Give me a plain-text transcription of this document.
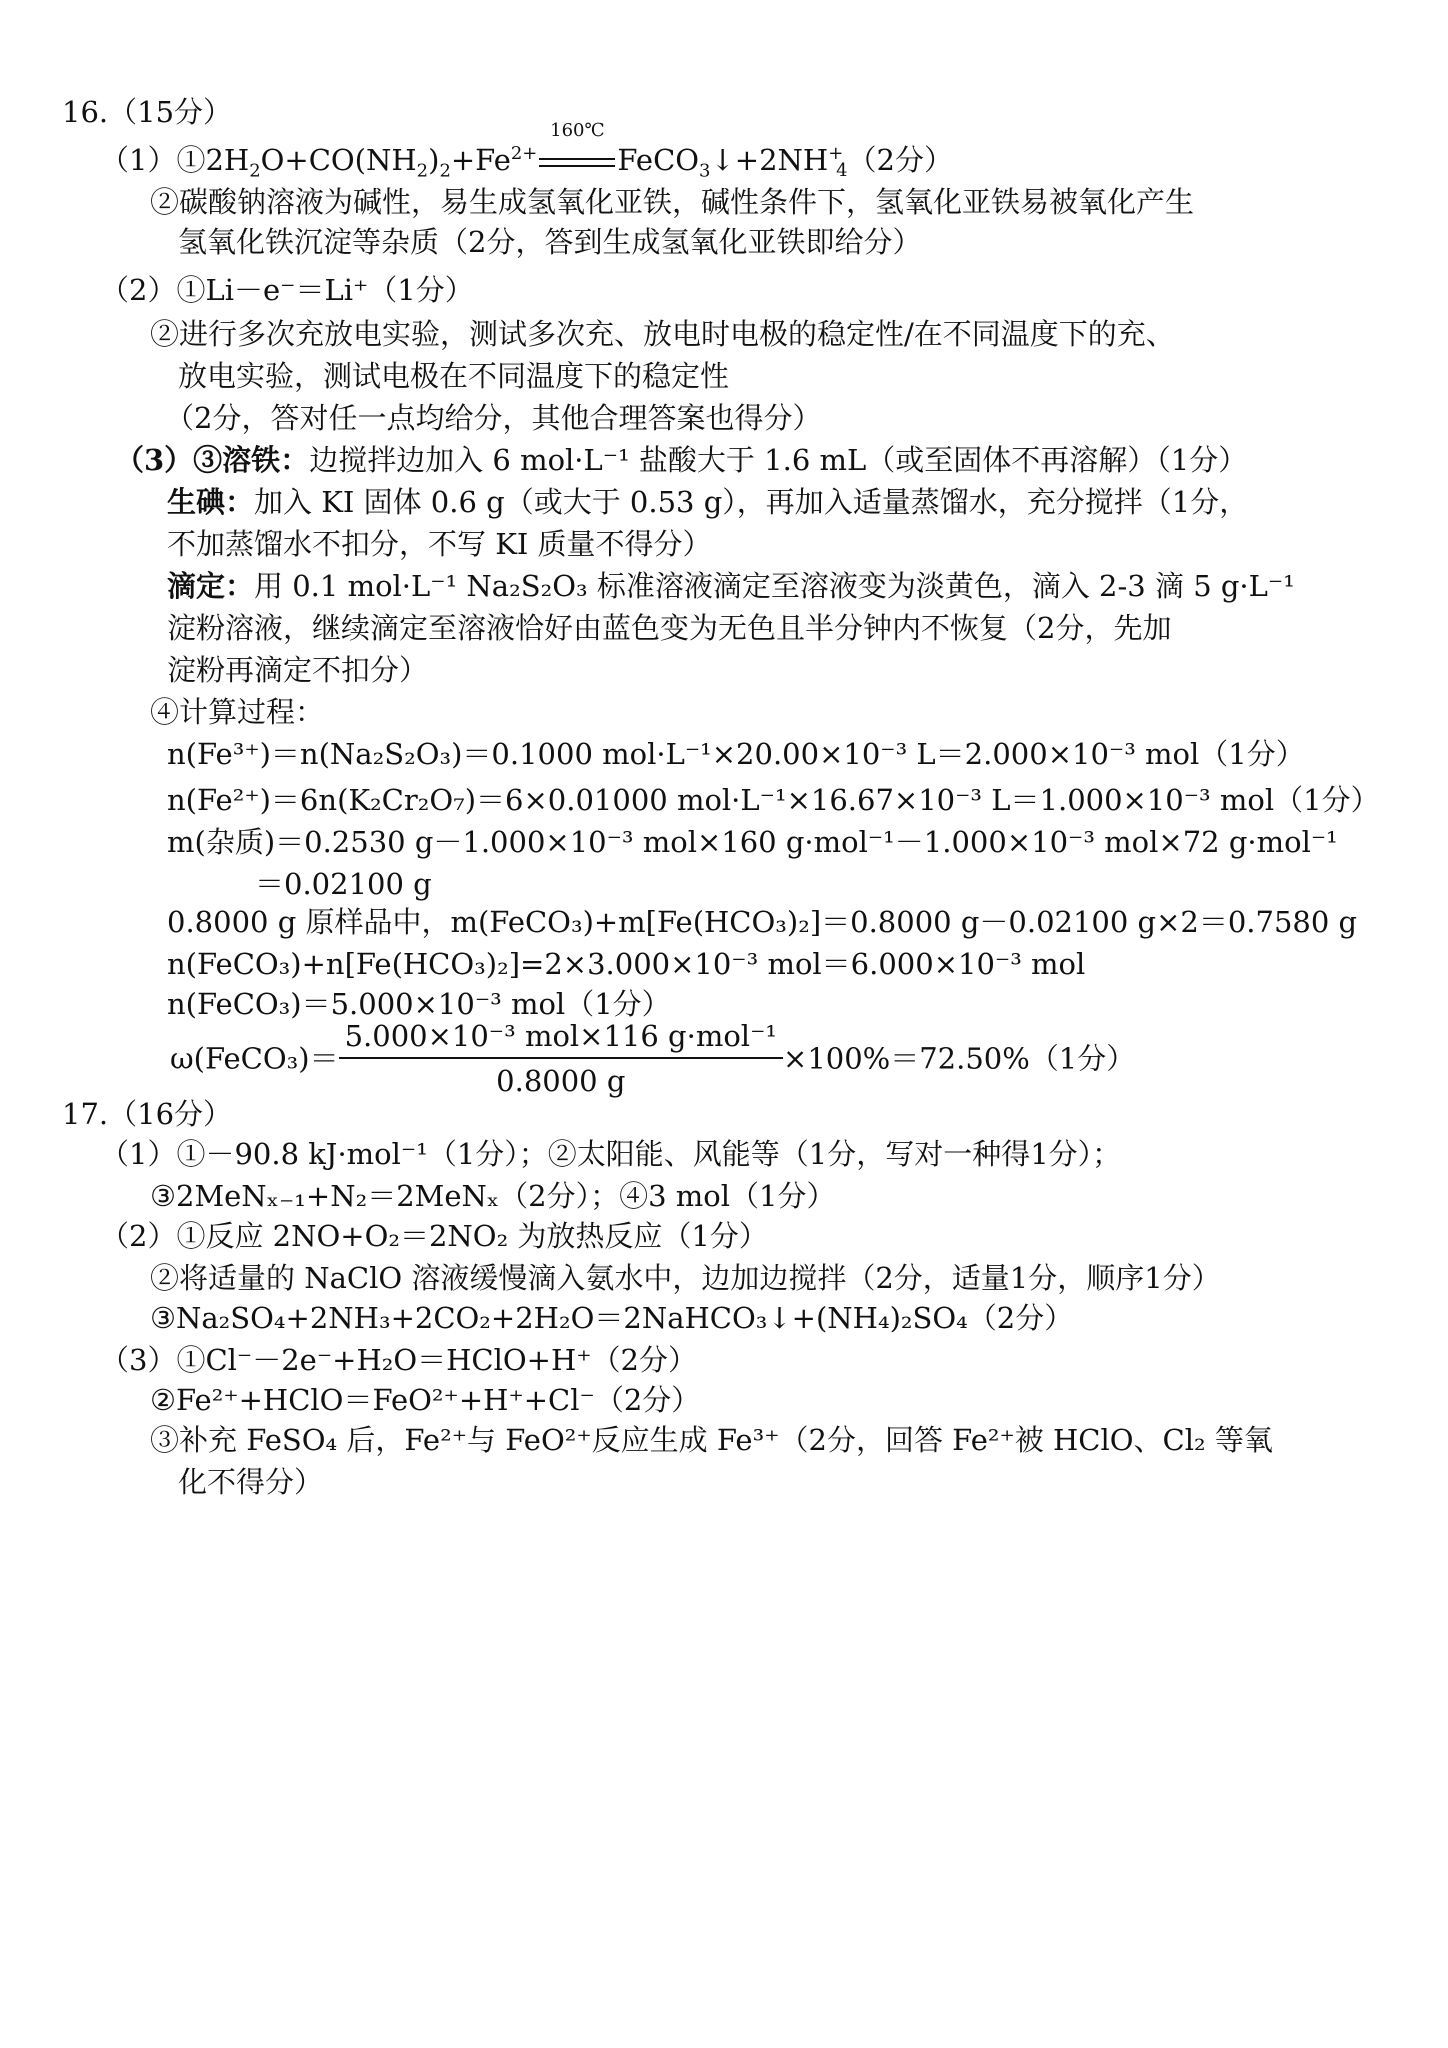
16.（15分）
$(1)①2H_2O+CO(NH_2)_2+Fe^{2+}$
160℃
$FeCO_3↓+2NH^+_4(2$分）
②碳酸钠溶液为碱性，易生成氢氧化亚铁，碱性条件下，氢氧化亚铁易被氧化产生
氢氧化铁沉淀等杂质（2分，答到生成氢氧化亚铁即给分）
（2）①Li－e⁻＝Li⁺（1分）
②进行多次充放电实验，测试多次充、放电时电极的稳定性/在不同温度下的充、
放电实验，测试电极在不同温度下的稳定性
（2分，答对任一点均给分，其他合理答案也得分）
（3）③溶铁：边搅拌边加入 6 mol·L⁻¹ 盐酸大于 1.6 mL（或至固体不再溶解）（1分）
生碘：加入 KI 固体 0.6 g（或大于 0.53 g），再加入适量蒸馏水，充分搅拌（1分，
不加蒸馏水不扣分，不写 KI 质量不得分）
滴定：用 0.1 mol·L⁻¹ Na₂S₂O₃ 标准溶液滴定至溶液变为淡黄色，滴入 2-3 滴 5 g·L⁻¹
淀粉溶液，继续滴定至溶液恰好由蓝色变为无色且半分钟内不恢复（2分，先加
淀粉再滴定不扣分）
④计算过程：
n(Fe³⁺)＝n(Na₂S₂O₃)＝0.1000 mol·L⁻¹×20.00×10⁻³ L＝2.000×10⁻³ mol（1分）
n(Fe²⁺)＝6n(K₂Cr₂O₇)＝6×0.01000 mol·L⁻¹×16.67×10⁻³ L＝1.000×10⁻³ mol（1分）
m(杂质)＝0.2530 g－1.000×10⁻³ mol×160 g·mol⁻¹－1.000×10⁻³ mol×72 g·mol⁻¹
＝0.02100 g
0.8000 g 原样品中，m(FeCO₃)+m[Fe(HCO₃)₂]＝0.8000 g－0.02100 g×2＝0.7580 g
n(FeCO₃)+n[Fe(HCO₃)₂]=2×3.000×10⁻³ mol＝6.000×10⁻³ mol
n(FeCO₃)＝5.000×10⁻³ mol（1分）
ω(FeCO₃)＝ $\frac{\text{5.000×10⁻³ mol×116 g·mol⁻¹}}{0.8000 g} \times 100\%=72.50\%(1$分）
17.（16分）
（1）①－90.8 kJ·mol⁻¹（1分）；②太阳能、风能等（1分，写对一种得1分）；
③2MeNₓ₋₁+N₂＝2MeNₓ（2分）；④3 mol（1分）
（2）①反应 2NO+O₂＝2NO₂ 为放热反应（1分）
②将适量的 NaClO 溶液缓慢滴入氨水中，边加边搅拌（2分，适量1分，顺序1分）
③Na₂SO₄+2NH₃+2CO₂+2H₂O＝2NaHCO₃↓+(NH₄)₂SO₄（2分）
（3）①Cl⁻－2e⁻+H₂O＝HClO+H⁺（2分）
②Fe²⁺+HClO＝FeO²⁺+H⁺+Cl⁻（2分）
③补充 FeSO₄ 后，Fe²⁺与 FeO²⁺反应生成 Fe³⁺（2分，回答 Fe²⁺被 HClO、Cl₂ 等氧
化不得分）
